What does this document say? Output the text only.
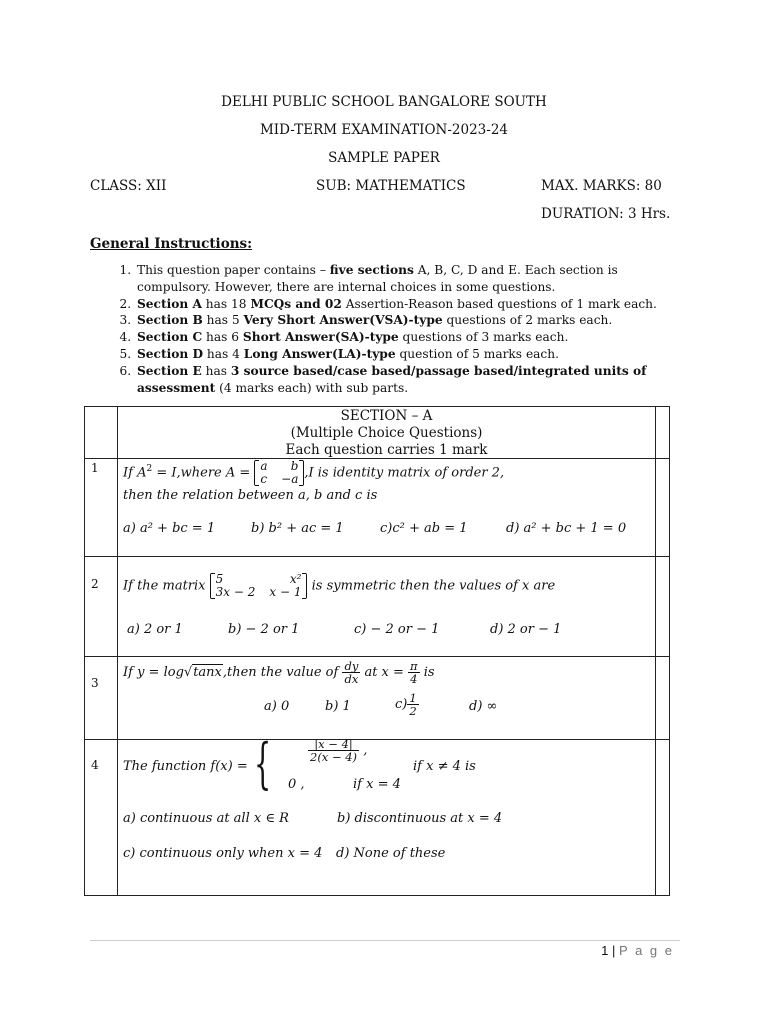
DELHI PUBLIC SCHOOL BANGALORE SOUTH
MID-TERM EXAMINATION-2023-24
SAMPLE PAPER
CLASS: XII	SUB: MATHEMATICS	MAX. MARKS: 80
DURATION: 3 Hrs.
General Instructions:
1. This question paper contains – five sections A, B, C, D and E. Each section is compulsory. However, there are internal choices in some questions.
2. Section A has 18 MCQs and 02 Assertion-Reason based questions of 1 mark each.
3. Section B has 5 Very Short Answer(VSA)-type questions of 2 marks each.
4. Section C has 6 Short Answer(SA)-type questions of 3 marks each.
5. Section D has 4 Long Answer(LA)-type question of 5 marks each.
6. Section E has 3 source based/case based/passage based/integrated units of assessment (4 marks each) with sub parts.
SECTION – A
(Multiple Choice Questions)
Each question carries 1 mark
1 If $A^2$ = I,where A = a b
c −a ,I is identity matrix of order 2,
then the relation between a, b and c is
a) a² + bc = 1	b) b² + ac = 1	c)c² + ab = 1	d) a² + bc + 1 = 0
2 If the matrix 5	x²
3x − 2 x − 1 is symmetric then the values of x are
a) 2 or 1	b) − 2 or 1	c) − 2 or − 1	d) 2 or − 1
3
If y = log√tanx,then the value of $\frac{dy}{dx}$ at $x = \frac{\pi}{4}$ is
a) 0	b) 1	$c) \frac{1}{2}$	d) ∞
4 The function f(x) = {	$\frac{|x - 4|}{2(x - 4)}$ ,
if x ≠ 4 is
0 ,	if x = 4
a) continuous at all x ∈ R	b) discontinuous at x = 4
c) continuous only when x = 4 d) None of these
1 | P a g e
